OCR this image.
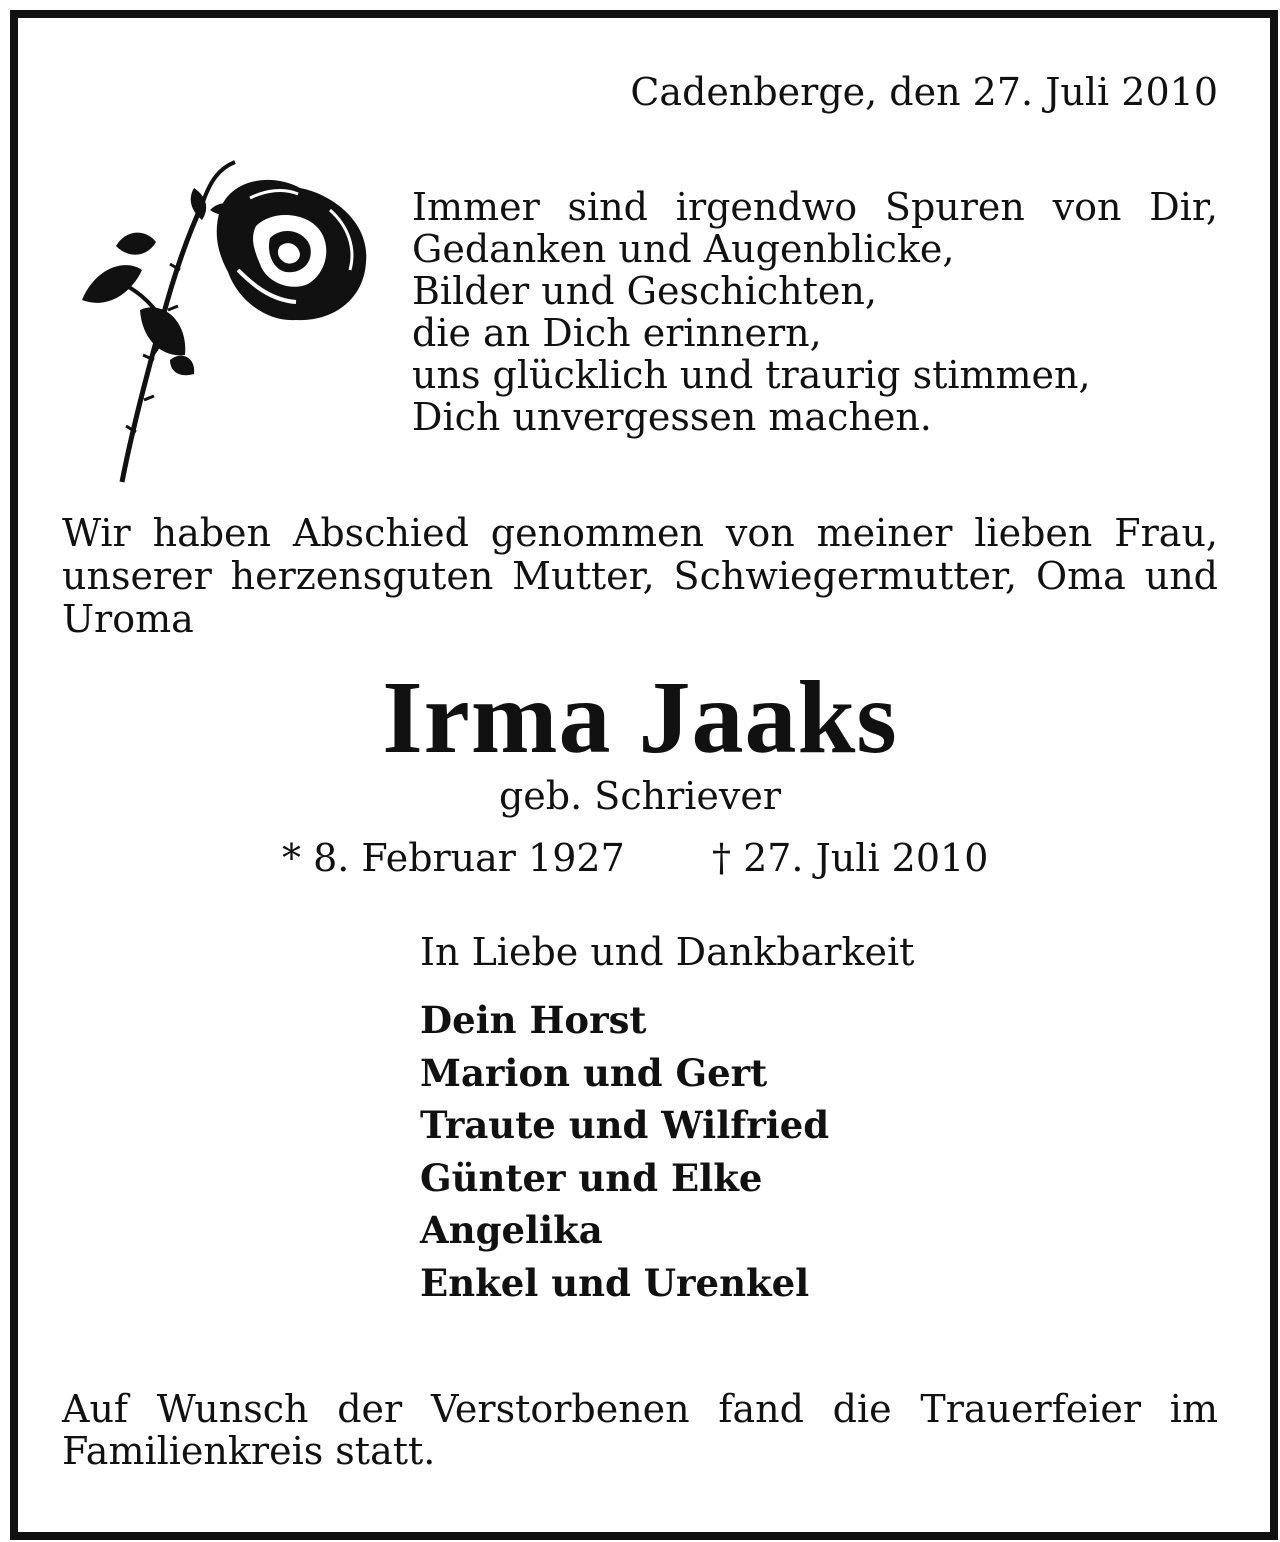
Cadenberge, den 27. Juli 2010
Immer sind irgendwo Spuren von Dir,
Gedanken und Augenblicke,
Bilder und Geschichten,
die an Dich erinnern,
uns glücklich und traurig stimmen,
Dich unvergessen machen.
Wir haben Abschied genommen von meiner lieben Frau,
unserer herzensguten Mutter, Schwiegermutter, Oma und
Uroma
Irma Jaaks
geb. Schriever
* 8. Februar 1927 † 27. Juli 2010
In Liebe und Dankbarkeit
Dein Horst
Marion und Gert
Traute und Wilfried
Günter und Elke
Angelika
Enkel und Urenkel
Auf Wunsch der Verstorbenen fand die Trauerfeier im
Familienkreis statt.
